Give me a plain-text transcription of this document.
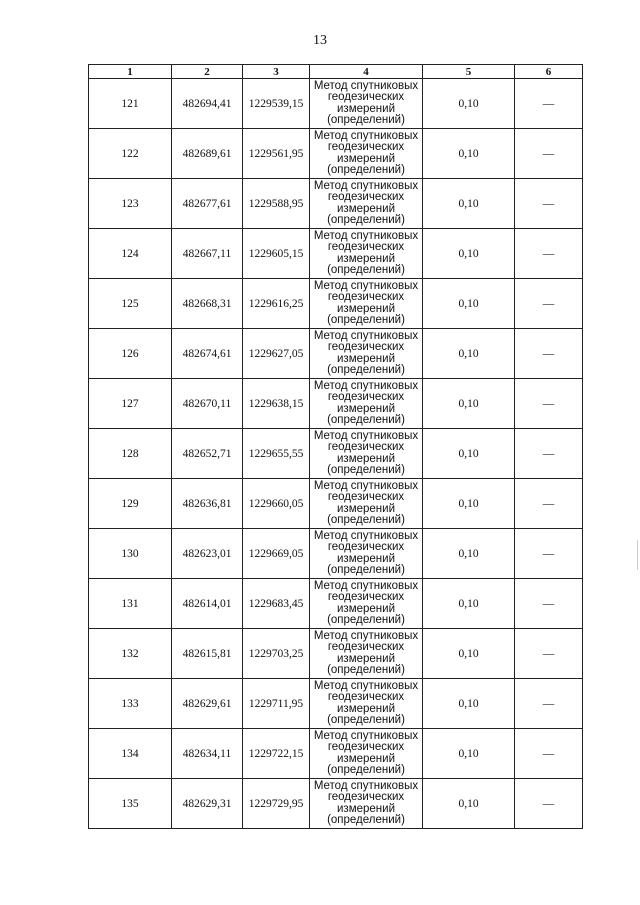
13
1	2	3	4	5	6
121	482694,41	1229539,15	Метод спутниковых
геодезических
измерений
(определений)	0,10	—
122	482689,61	1229561,95	Метод спутниковых
геодезических
измерений
(определений)	0,10	—
123	482677,61	1229588,95	Метод спутниковых
геодезических
измерений
(определений)	0,10	—
124	482667,11	1229605,15	Метод спутниковых
геодезических
измерений
(определений)	0,10	—
125	482668,31	1229616,25	Метод спутниковых
геодезических
измерений
(определений)	0,10	—
126	482674,61	1229627,05	Метод спутниковых
геодезических
измерений
(определений)	0,10	—
127	482670,11	1229638,15	Метод спутниковых
геодезических
измерений
(определений)	0,10	—
128	482652,71	1229655,55	Метод спутниковых
геодезических
измерений
(определений)	0,10	—
129	482636,81	1229660,05	Метод спутниковых
геодезических
измерений
(определений)	0,10	—
130	482623,01	1229669,05	Метод спутниковых
геодезических
измерений
(определений)	0,10	—
131	482614,01	1229683,45	Метод спутниковых
геодезических
измерений
(определений)	0,10	—
132	482615,81	1229703,25	Метод спутниковых
геодезических
измерений
(определений)	0,10	—
133	482629,61	1229711,95	Метод спутниковых
геодезических
измерений
(определений)	0,10	—
134	482634,11	1229722,15	Метод спутниковых
геодезических
измерений
(определений)	0,10	—
135	482629,31	1229729,95	Метод спутниковых
геодезических
измерений
(определений)	0,10	—
